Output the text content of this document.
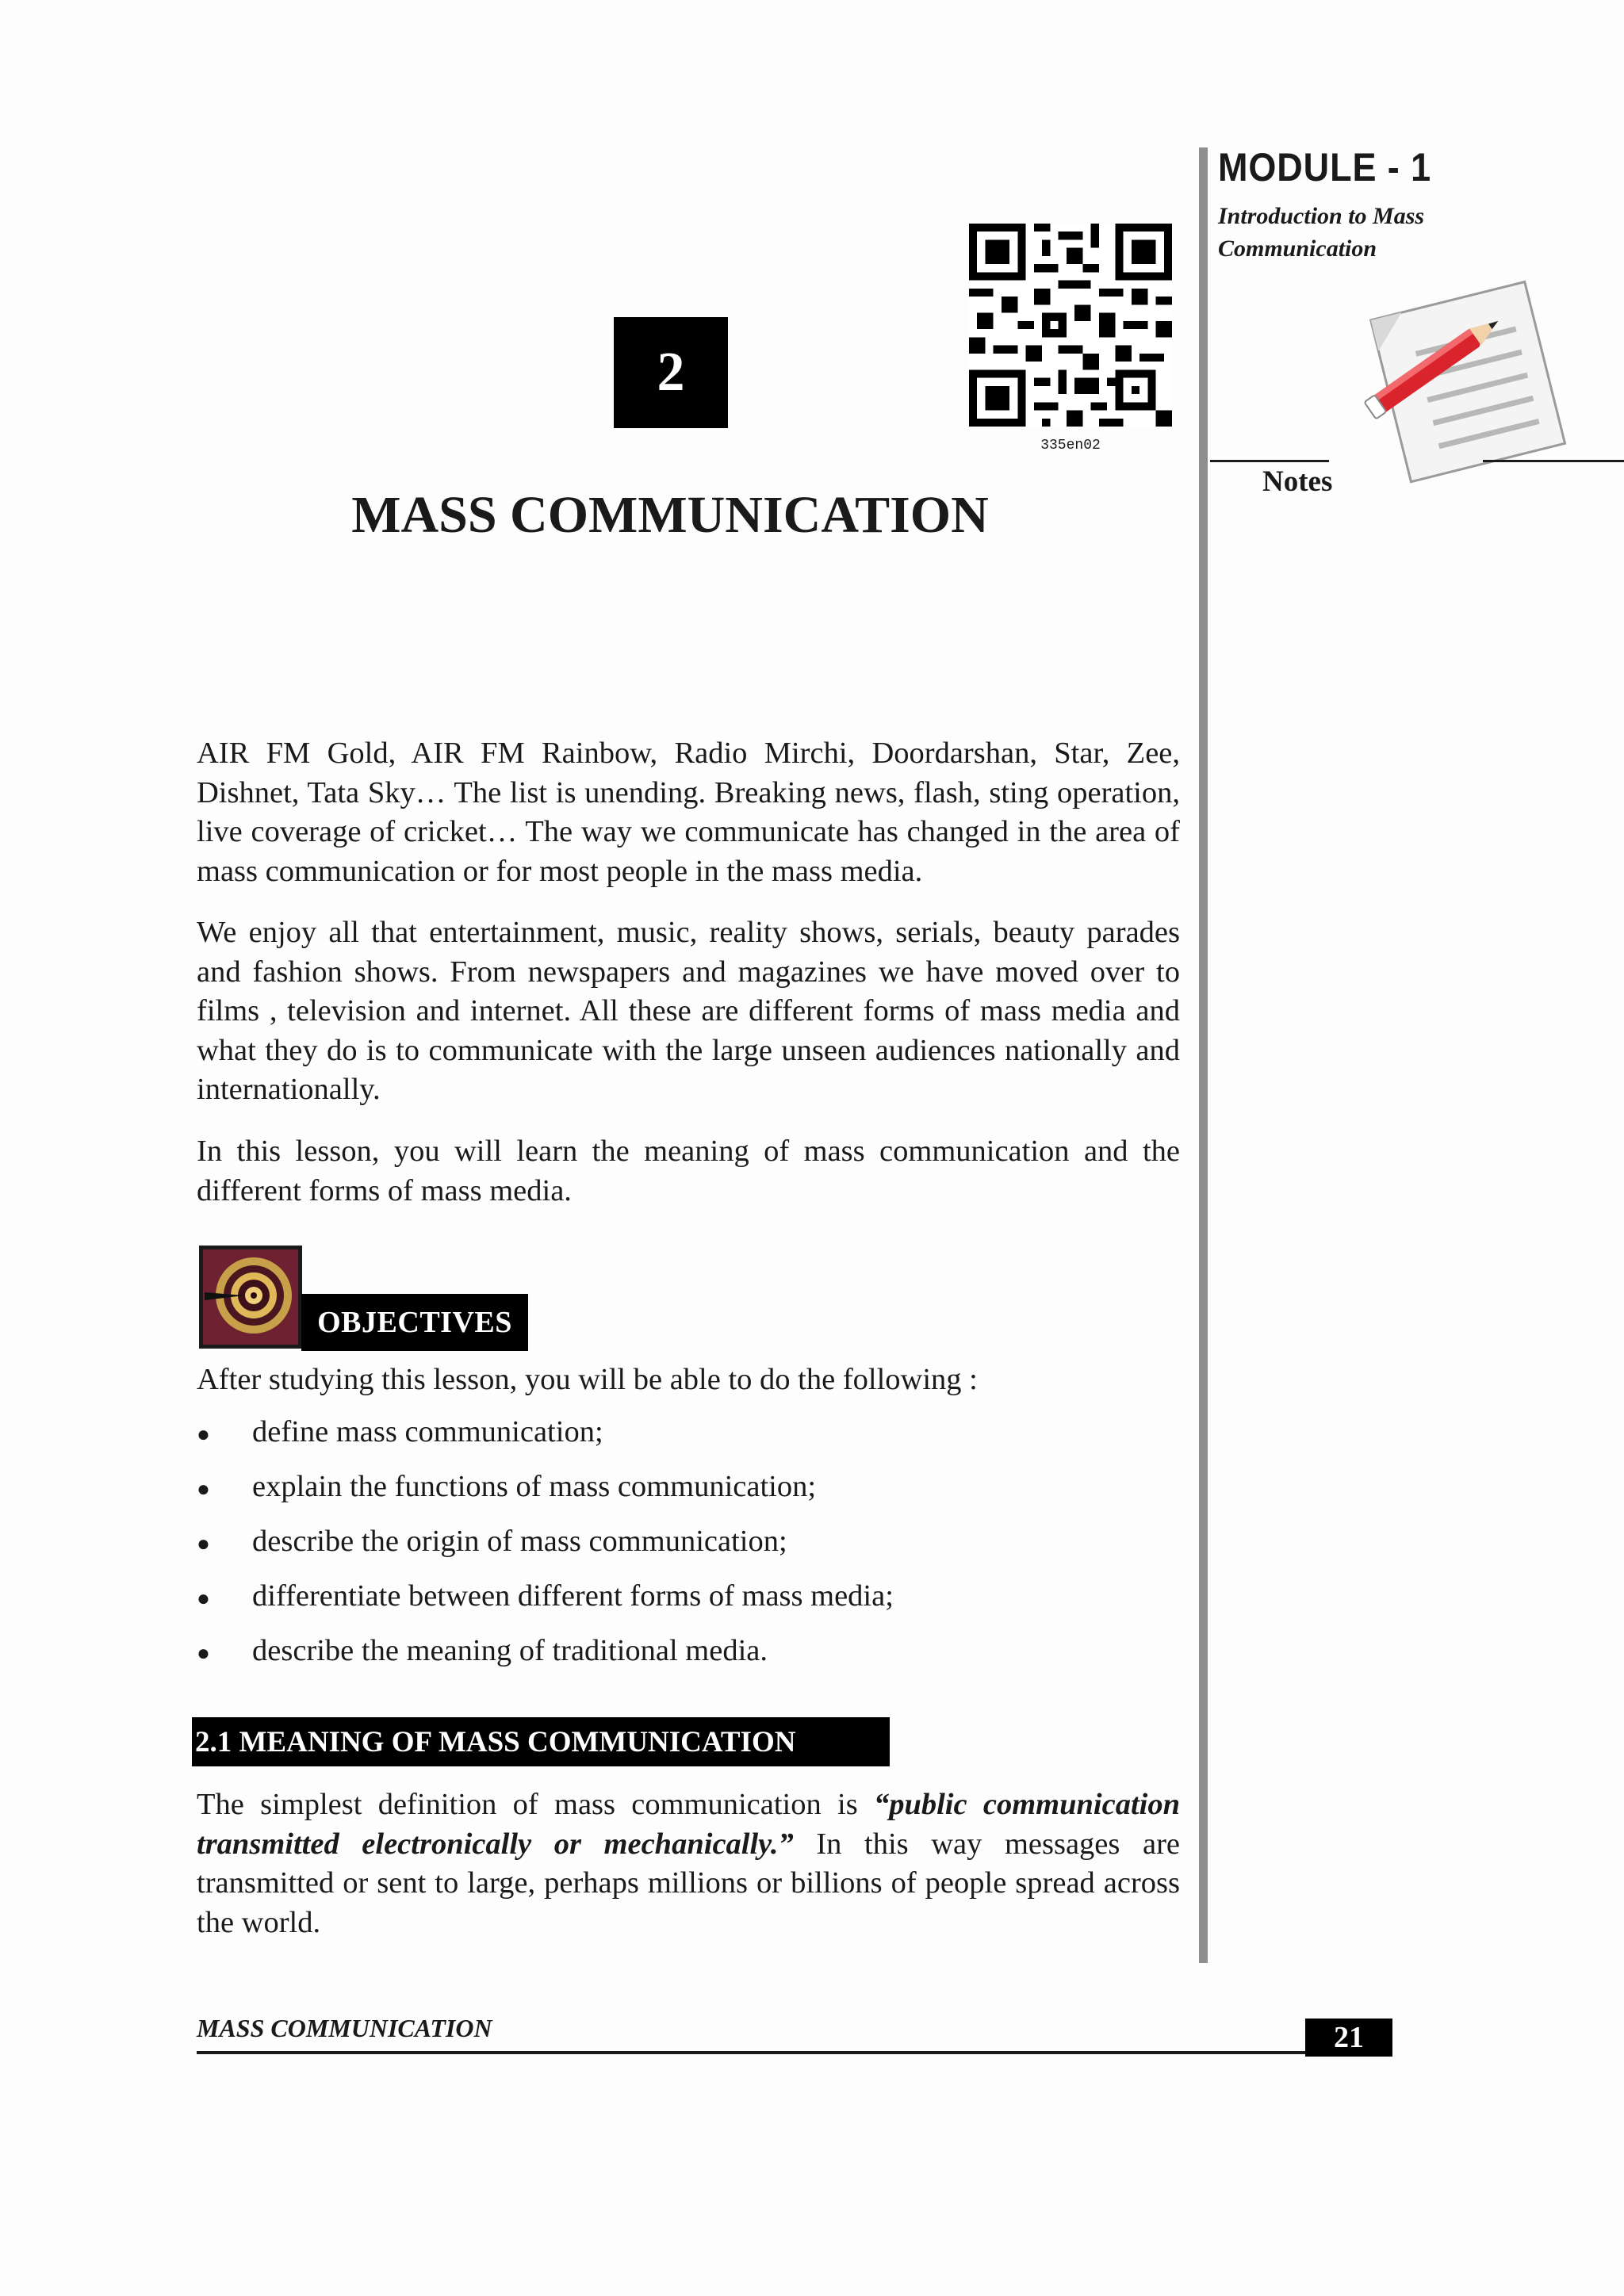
MODULE - 1
Introduction to Mass Communication
Notes
2
335en02
MASS COMMUNICATION

AIR FM Gold, AIR FM Rainbow, Radio Mirchi, Doordarshan, Star, Zee, Dishnet, Tata Sky… The list is unending. Breaking news, flash, sting operation, live coverage of cricket… The way we communicate has changed in the area of mass communication or for most people in the mass media.

We enjoy all that entertainment, music, reality shows, serials, beauty parades and fashion shows. From newspapers and magazines we have moved over to films , television and internet. All these are different forms of mass media and what they do is to communicate with the large unseen audiences nationally and internationally.

In this lesson, you will learn the meaning of mass communication and the different forms of mass media.

OBJECTIVES

After studying this lesson, you will be able to do the following :

●	define mass communication;
●	explain the functions of mass communication;
●	describe the origin of mass communication;
●	differentiate between different forms of mass media;
●	describe the meaning of traditional media.
2.1 MEANING OF MASS COMMUNICATION

The simplest definition of mass communication is “public communication transmitted electronically or mechanically.” In this way messages are transmitted or sent to large, perhaps millions or billions of people spread across the world.

MASS COMMUNICATION	21
